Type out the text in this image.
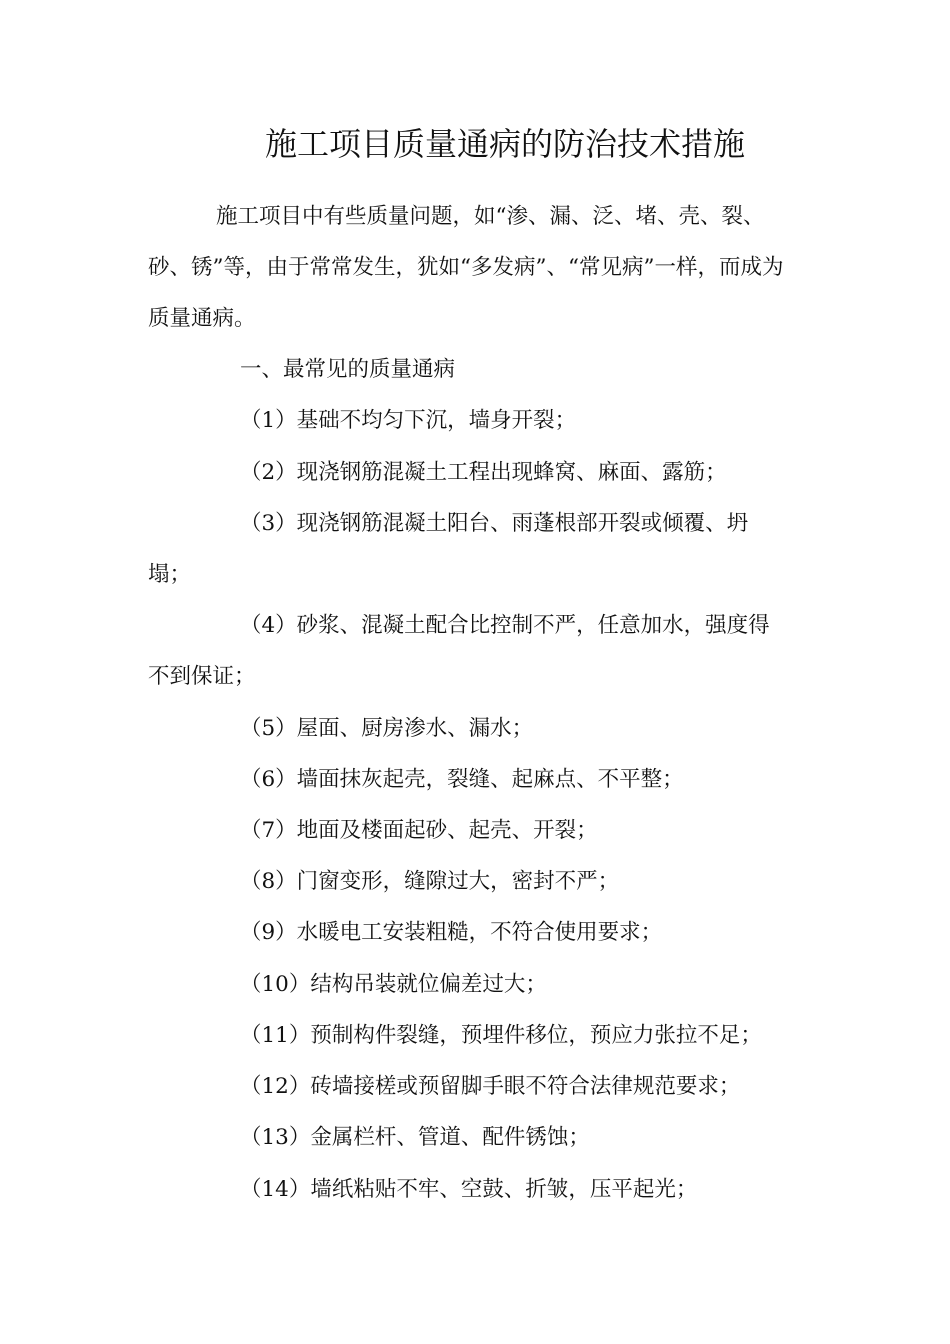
施工项目质量通病的防治技术措施
施工项目中有些质量问题，如“渗、漏、泛、堵、壳、裂、
砂、锈”等，由于常常发生，犹如“多发病”、“常见病”一样，而成为
质量通病。
一、最常见的质量通病
（1）基础不均匀下沉，墙身开裂；
（2）现浇钢筋混凝土工程出现蜂窝、麻面、露筋；
（3）现浇钢筋混凝土阳台、雨蓬根部开裂或倾覆、坍
塌；
（4）砂浆、混凝土配合比控制不严，任意加水，强度得
不到保证；
（5）屋面、厨房渗水、漏水；
（6）墙面抹灰起壳，裂缝、起麻点、不平整；
（7）地面及楼面起砂、起壳、开裂；
（8）门窗变形，缝隙过大，密封不严；
（9）水暖电工安装粗糙，不符合使用要求；
（10）结构吊装就位偏差过大；
（11）预制构件裂缝，预埋件移位，预应力张拉不足；
（12）砖墙接槎或预留脚手眼不符合法律规范要求；
（13）金属栏杆、管道、配件锈蚀；
（14）墙纸粘贴不牢、空鼓、折皱，压平起光；
